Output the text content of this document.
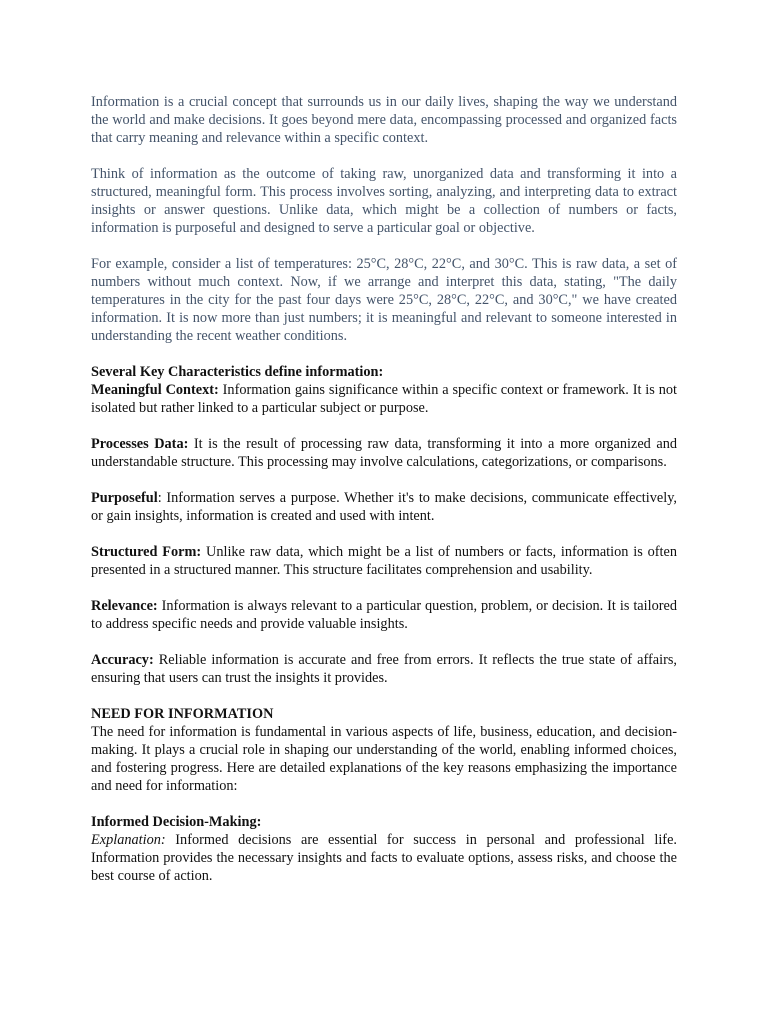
Information is a crucial concept that surrounds us in our daily lives, shaping the way we understand the world and make decisions. It goes beyond mere data, encompassing processed and organized facts that carry meaning and relevance within a specific context.

Think of information as the outcome of taking raw, unorganized data and transforming it into a structured, meaningful form. This process involves sorting, analyzing, and interpreting data to extract insights or answer questions. Unlike data, which might be a collection of numbers or facts, information is purposeful and designed to serve a particular goal or objective.

For example, consider a list of temperatures: 25°C, 28°C, 22°C, and 30°C. This is raw data, a set of numbers without much context. Now, if we arrange and interpret this data, stating, "The daily temperatures in the city for the past four days were 25°C, 28°C, 22°C, and 30°C," we have created information. It is now more than just numbers; it is meaningful and relevant to someone interested in understanding the recent weather conditions.

Several Key Characteristics define information:

Meaningful Context: Information gains significance within a specific context or framework. It is not isolated but rather linked to a particular subject or purpose.

Processes Data: It is the result of processing raw data, transforming it into a more organized and understandable structure. This processing may involve calculations, categorizations, or comparisons.

Purposeful: Information serves a purpose. Whether it's to make decisions, communicate effectively, or gain insights, information is created and used with intent.

Structured Form: Unlike raw data, which might be a list of numbers or facts, information is often presented in a structured manner. This structure facilitates comprehension and usability.

Relevance: Information is always relevant to a particular question, problem, or decision. It is tailored to address specific needs and provide valuable insights.

Accuracy: Reliable information is accurate and free from errors. It reflects the true state of affairs, ensuring that users can trust the insights it provides.

NEED FOR INFORMATION

The need for information is fundamental in various aspects of life, business, education, and decision-making. It plays a crucial role in shaping our understanding of the world, enabling informed choices, and fostering progress. Here are detailed explanations of the key reasons emphasizing the importance and need for information:

Informed Decision-Making:

Explanation: Informed decisions are essential for success in personal and professional life. Information provides the necessary insights and facts to evaluate options, assess risks, and choose the best course of action.
